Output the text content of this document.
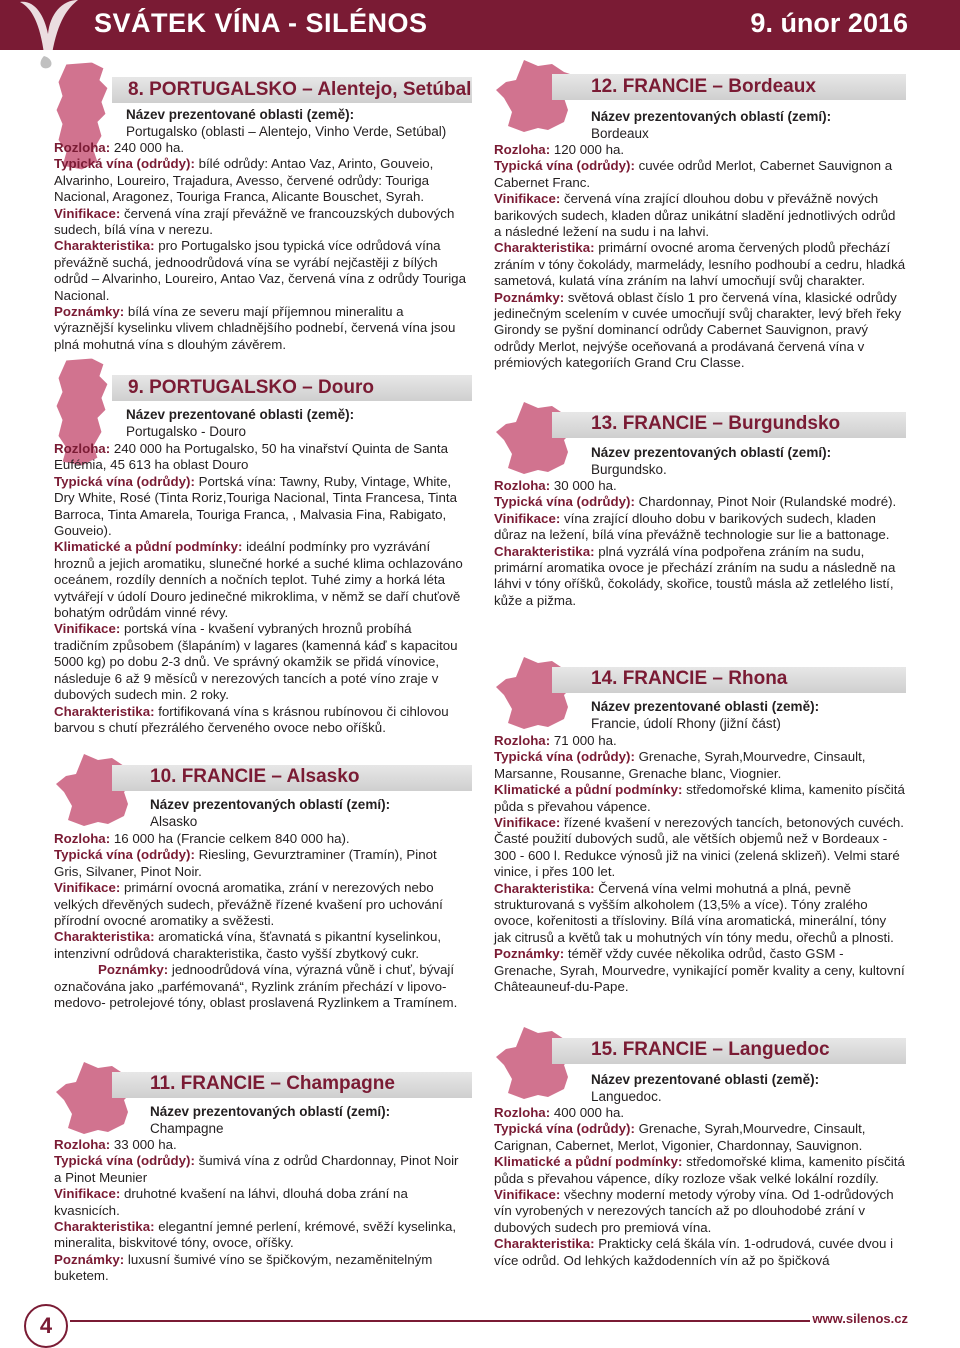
SVÁTEK VÍNA - SILÉNOS	9. únor 2016
8. PORTUGALSKO – Alentejo, Setúbal
Název prezentované oblasti (země):
Portugalsko (oblasti – Alentejo, Vinho Verde, Setúbal)

Rozloha: 240 000 ha.

Typická vína (odrůdy): bílé odrůdy: Antao Vaz, Arinto, Gouveio, Alvarinho, Loureiro, Trajadura, Avesso, červené odrůdy: Touriga Nacional, Aragonez, Touriga Franca, Alicante Bouschet, Syrah.

Vinifikace: červená vína zrají převážně ve francouzských dubových sudech, bílá vína v nerezu.

Charakteristika: pro Portugalsko jsou typická více odrůdová vína převážně suchá, jednoodrůdová vína se vyrábí nejčastěji z bílých odrůd – Alvarinho, Loureiro, Antao Vaz, červená vína z odrůdy Touriga Nacional.

Poznámky: bílá vína ze severu mají příjemnou mineralitu a výraznější kyselinku vlivem chladnějšího podnebí, červená vína jsou plná mohutná vína s dlouhým závěrem.

9. PORTUGALSKO – Douro
Název prezentované oblasti (země):
Portugalsko - Douro

Rozloha: 240 000 ha Portugalsko, 50 ha vinařství Quinta de Santa Eufémia, 45 613 ha oblast Douro

Typická vína (odrůdy): Portská vína: Tawny, Ruby, Vintage, White, Dry White, Rosé (Tinta Roriz,Touriga Nacional, Tinta Francesa, Tinta Barroca, Tinta Amarela, Touriga Franca, , Malvasia Fina, Rabigato, Gouveio).

Klimatické a půdní podmínky: ideální podmínky pro vyzrávání hroznů a jejich aromatiku, slunečné horké a suché klima ochlazováno oceánem, rozdíly denních a nočních teplot. Tuhé zimy a horká léta vytvářejí v údolí Douro jedinečné mikroklima, v němž se daří chuťově bohatým odrůdám vinné révy.

Vinifikace: portská vína - kvašení vybraných hroznů probíhá tradičním způsobem (šlapáním) v lagares (kamenná káď s kapacitou 5000 kg) po dobu 2-3 dnů. Ve správný okamžik se přidá vínovice, následuje 6 až 9 měsíců v nerezových tancích a poté víno zraje v dubových sudech min. 2 roky.

Charakteristika: fortifikovaná vína s krásnou rubínovou či cihlovou barvou s chutí přezrálého červeného ovoce nebo oříšků.

10. FRANCIE – Alsasko
Název prezentovaných oblastí (zemí):
Alsasko

Rozloha: 16 000 ha (Francie celkem 840 000 ha).

Typická vína (odrůdy): Riesling, Gevurztraminer (Tramín), Pinot Gris, Silvaner, Pinot Noir.

Vinifikace: primární ovocná aromatika, zrání v nerezových nebo velkých dřevěných sudech, převážně řízené kvašení pro uchování přírodní ovocné aromatiky a svěžesti.

Charakteristika: aromatická vína, šťavnatá s pikantní kyselinkou, intenzivní odrůdová charakteristika, často vyšší zbytkový cukr.

Poznámky: jednoodrůdová vína, výrazná vůně i chuť, bývají označována jako „parfémovaná“, Ryzlink zráním přechází v lipovo-medovo- petrolejové tóny, oblast proslavená Ryzlinkem a Tramínem.

11. FRANCIE – Champagne
Název prezentovaných oblastí (zemí):
Champagne

Rozloha: 33 000 ha.

Typická vína (odrůdy): šumivá vína z odrůd Chardonnay, Pinot Noir a Pinot Meunier

Vinifikace: druhotné kvašení na láhvi, dlouhá doba zrání na kvasnicích.

Charakteristika: elegantní jemné perlení, krémové, svěží kyselinka, mineralita, biskvitové tóny, ovoce, oříšky.

Poznámky: luxusní šumivé víno se špičkovým, nezaměnitelným buketem.

12. FRANCIE – Bordeaux
Název prezentovaných oblastí (zemí):
Bordeaux

Rozloha: 120 000 ha.

Typická vína (odrůdy): cuvée odrůd Merlot, Cabernet Sauvignon a Cabernet Franc.

Vinifikace: červená vína zrající dlouhou dobu v převážně nových barikových sudech, kladen důraz unikátní sladění jednotlivých odrůd a následné ležení na sudu i na lahvi.

Charakteristika: primární ovocné aroma červených plodů přechází zráním v tóny čokolády, marmelády, lesního podhoubí a cedru, hladká sametová, kulatá vína zráním na lahví umocňují svůj charakter.

Poznámky: světová oblast číslo 1 pro červená vína, klasické odrůdy jedinečným scelením v cuvée umocňují svůj charakter, levý břeh řeky Girondy se pyšní dominancí odrůdy Cabernet Sauvignon, pravý odrůdy Merlot, nejvýše oceňovaná a prodávaná červená vína v prémiových kategoriích Grand Cru Classe.

13. FRANCIE – Burgundsko
Název prezentovaných oblastí (zemí):
Burgundsko.

Rozloha: 30 000 ha.

Typická vína (odrůdy): Chardonnay, Pinot Noir (Rulandské modré).

Vinifikace: vína zrající dlouho dobu v barikových sudech, kladen důraz na ležení, bílá vína převážně technologie sur lie a battonage.

Charakteristika: plná vyzrálá vína podpořena zráním na sudu, primární aromatika ovoce je přechází zráním na sudu a následně na láhvi v tóny oříšků, čokolády, skořice, toustů másla až zetlelého listí, kůže a pižma.

14. FRANCIE – Rhona
Název prezentované oblasti (země):
Francie, údolí Rhony (jižní část)

Rozloha: 71 000 ha.

Typická vína (odrůdy): Grenache, Syrah,Mourvedre, Cinsault, Marsanne, Rousanne, Grenache blanc, Viognier.

Klimatické a půdní podmínky: středomořské klima, kamenito písčitá půda s převahou vápence.

Vinifikace: řízené kvašení v nerezových tancích, betonových cuvéch. Časté použití dubových sudů, ale větších objemů než v Bordeaux - 300 - 600 l. Redukce výnosů již na vinici (zelená sklizeň). Velmi staré vinice, i přes 100 let.

Charakteristika: Červená vína velmi mohutná a plná, pevně strukturovaná s vyšším alkoholem (13,5% a více). Tóny zralého ovoce, kořenitosti a třísloviny. Bílá vína aromatická, minerální, tóny jak citrusů a květů tak u mohutných vín tóny medu, ořechů a plnosti.

Poznámky: téměř vždy cuvée několika odrůd, často GSM - Grenache, Syrah, Mourvedre, vynikající poměr kvality a ceny, kultovní Châteauneuf-du-Pape.

15. FRANCIE – Languedoc
Název prezentované oblasti (země):
Languedoc.

Rozloha: 400 000 ha.

Typická vína (odrůdy): Grenache, Syrah,Mourvedre, Cinsault, Carignan, Cabernet, Merlot, Vigonier, Chardonnay, Sauvignon.

Klimatické a půdní podmínky: středomořské klima, kamenito písčitá půda s převahou vápence, díky rozloze však velké lokální rozdíly.

Vinifikace: všechny moderní metody výroby vína. Od 1-odrůdových vín vyrobených v nerezových tancích až po dlouhodobé zrání v dubových sudech pro premiová vína.

Charakteristika: Prakticky celá škála vín. 1-odrudová, cuvée dvou i více odrůd. Od lehkých každodenních vín až po špičková

4	www.silenos.cz
